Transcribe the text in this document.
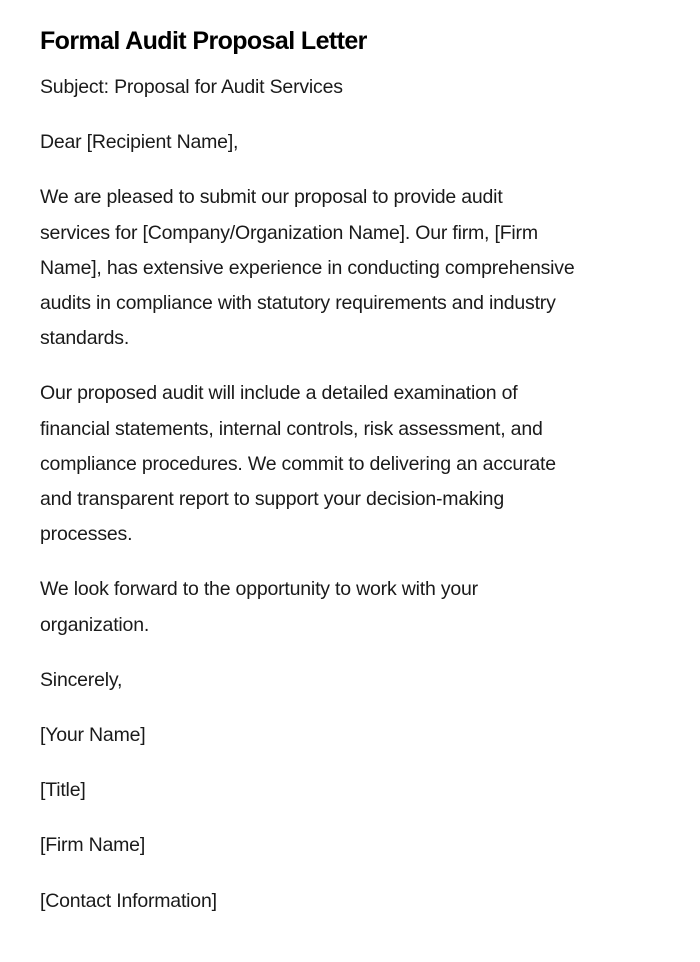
Formal Audit Proposal Letter

Subject: Proposal for Audit Services

Dear [Recipient Name],

We are pleased to submit our proposal to provide audit
services for [Company/Organization Name]. Our firm, [Firm
Name], has extensive experience in conducting comprehensive
audits in compliance with statutory requirements and industry
standards.

Our proposed audit will include a detailed examination of
financial statements, internal controls, risk assessment, and
compliance procedures. We commit to delivering an accurate
and transparent report to support your decision-making
processes.

We look forward to the opportunity to work with your
organization.

Sincerely,

[Your Name]

[Title]

[Firm Name]

[Contact Information]
